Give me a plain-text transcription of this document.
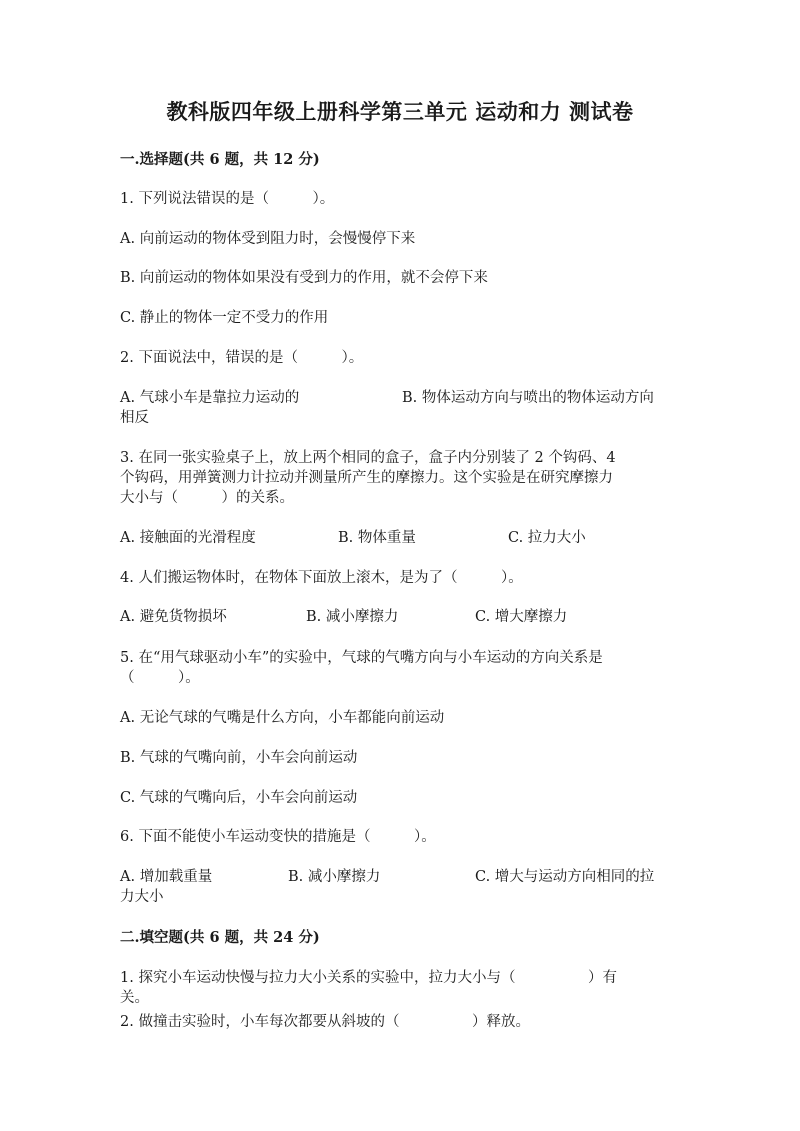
教科版四年级上册科学第三单元 运动和力 测试卷
一.选择题(共 6 题，共 12 分)
1. 下列说法错误的是（　　　）。
A. 向前运动的物体受到阻力时，会慢慢停下来
B. 向前运动的物体如果没有受到力的作用，就不会停下来
C. 静止的物体一定不受力的作用
2. 下面说法中，错误的是（　　　）。
A. 气球小车是靠拉力运动的	B. 物体运动方向与喷出的物体运动方向
相反
3. 在同一张实验桌子上，放上两个相同的盒子，盒子内分别装了 2 个钩码、4
个钩码，用弹簧测力计拉动并测量所产生的摩擦力。这个实验是在研究摩擦力
大小与（　　　）的关系。
A. 接触面的光滑程度	B. 物体重量	C. 拉力大小
4. 人们搬运物体时，在物体下面放上滚木，是为了（　　　）。
A. 避免货物损坏	B. 减小摩擦力	C. 增大摩擦力
5. 在“用气球驱动小车”的实验中，气球的气嘴方向与小车运动的方向关系是
（　　　）。
A. 无论气球的气嘴是什么方向，小车都能向前运动
B. 气球的气嘴向前，小车会向前运动
C. 气球的气嘴向后，小车会向前运动
6. 下面不能使小车运动变快的措施是（　　　）。
A. 增加载重量	B. 减小摩擦力	C. 增大与运动方向相同的拉
力大小
二.填空题(共 6 题，共 24 分)
1. 探究小车运动快慢与拉力大小关系的实验中，拉力大小与（　　　　　）有
关。
2. 做撞击实验时，小车每次都要从斜坡的（　　　　　）释放。
